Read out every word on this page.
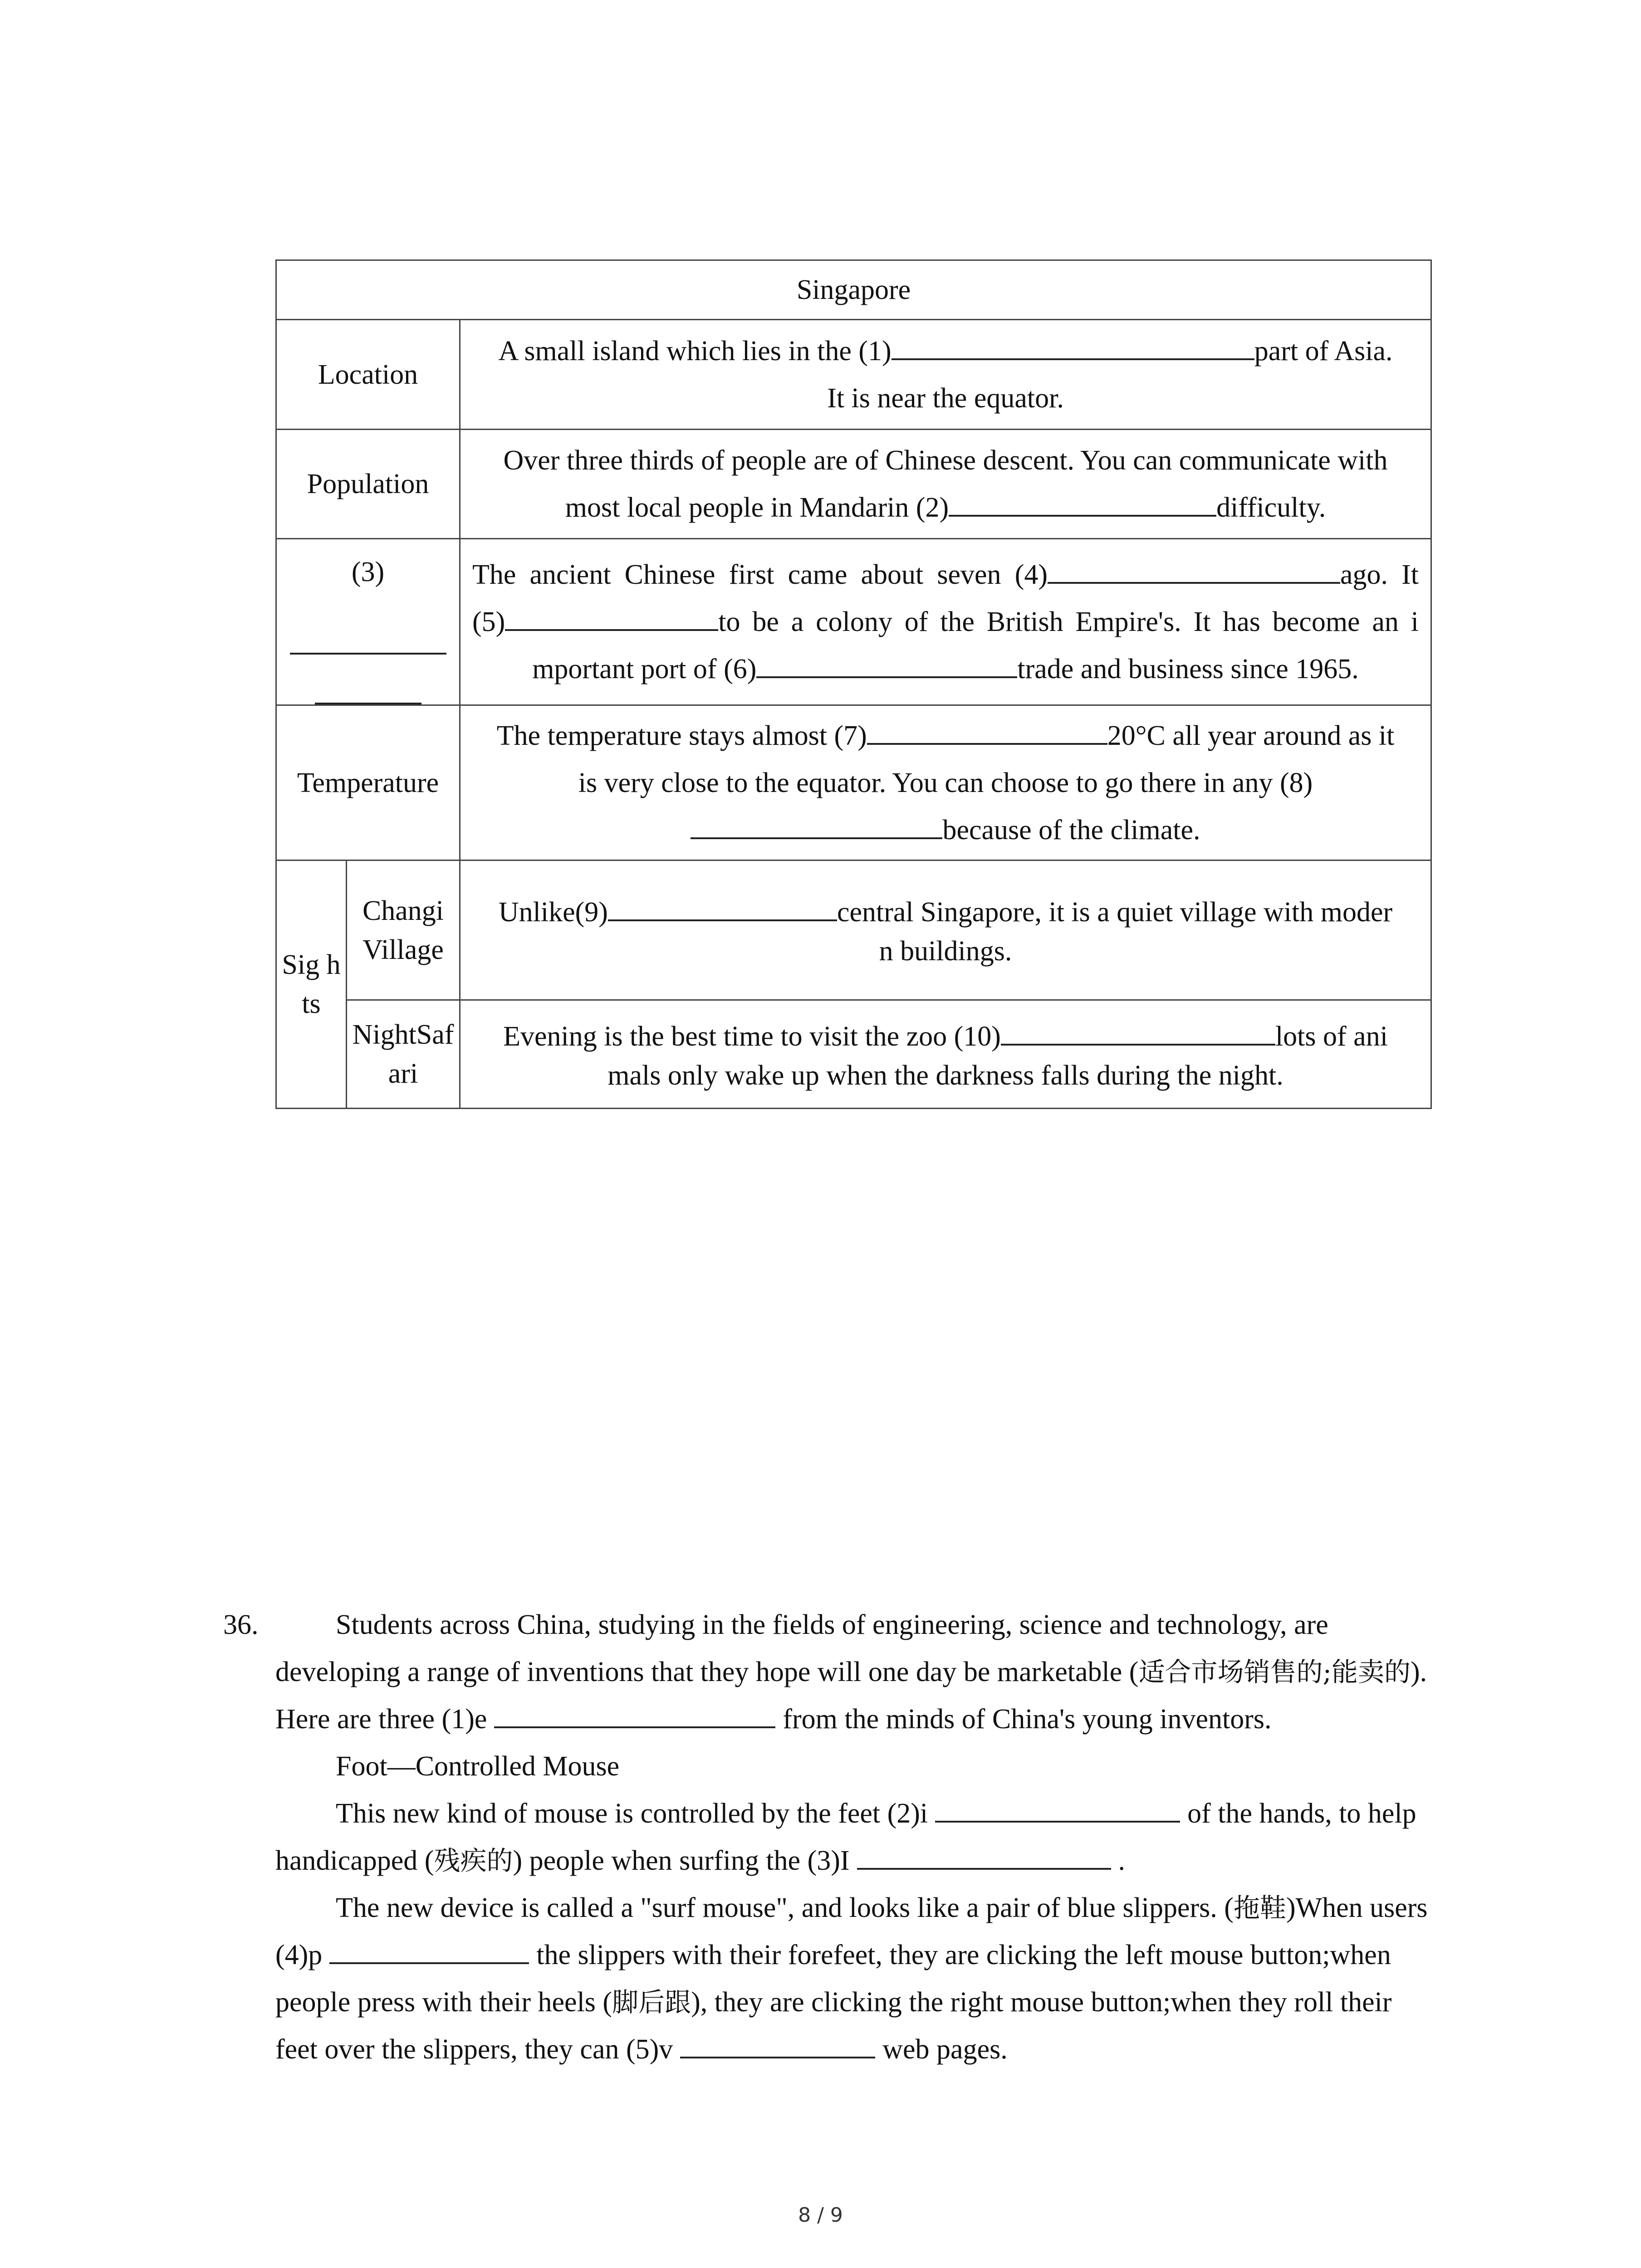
Singapore		
Location		A small island which lies in the (1) part of Asia.
It is near the equator.
Population		Over three thirds of people are of Chinese descent. You can communicate with
most local people in Mandarin (2) difficulty.
(3)		The ancient Chinese first came about seven (4) ago. It
(5) to be a colony of the British Empire's. It has become an i
mportant port of (6) trade and business since 1965.
Temperature		The temperature stays almost (7) 20°C all year around as it
is very close to the equator. You can choose to go there in any (8)
because of the climate.
Sig hts	Changi Village	Unlike(9) central Singapore, it is a quiet village with moder
n buildings.
	NightSafari	Evening is the best time to visit the zoo (10) lots of ani
mals only wake up when the darkness falls during the night.
36.	Students across China, studying in the fields of engineering, science and technology, are developing a range of inventions that they hope will one day be marketable (适合市场销售的;能卖的). Here are three (1)e	from the minds of China's young inventors.

Foot—Controlled Mouse

This new kind of mouse is controlled by the feet (2)i	of the hands, to help handicapped (残疾的) people when surfing the (3)I	.

The new device is called a "surf mouse", and looks like a pair of blue slippers. (拖鞋)When users (4)p	the slippers with their forefeet, they are clicking the left mouse button;when people press with their heels (脚后跟), they are clicking the right mouse button;when they roll their feet over the slippers, they can (5)v	web pages.

8 / 9
